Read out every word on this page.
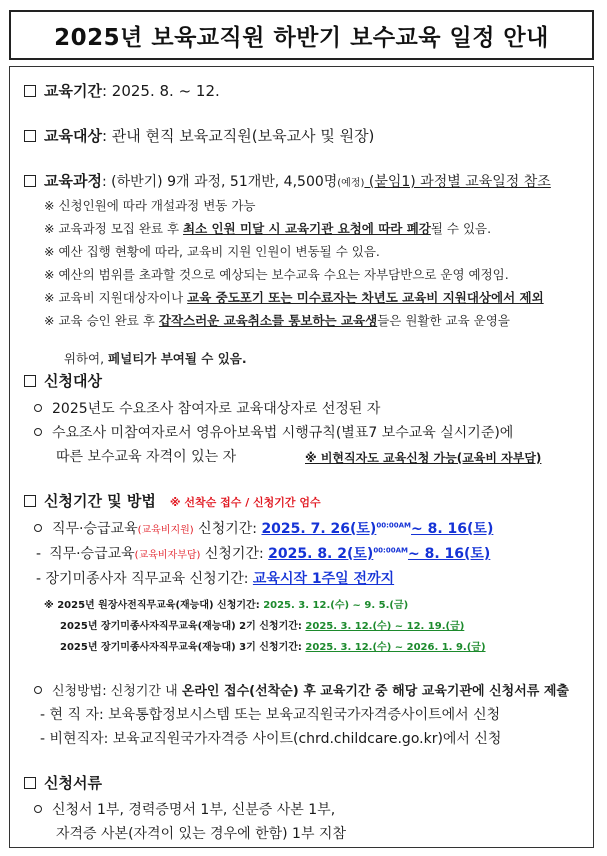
2025년 보육교직원 하반기 보수교육 일정 안내
교육기간: 2025. 8. ~ 12.
교육대상: 관내 현직 보육교직원(보육교사 및 원장)
교육과정: (하반기) 9개 과정, 51개반, 4,500명(예정) (붙임1) 과정별 교육일정 참조
※ 신청인원에 따라 개설과정 변동 가능
※ 교육과정 모집 완료 후 최소 인원 미달 시 교육기관 요청에 따라 폐강될 수 있음.
※ 예산 집행 현황에 따라, 교육비 지원 인원이 변동될 수 있음.
※ 예산의 범위를 초과할 것으로 예상되는 보수교육 수요는 자부담반으로 운영 예정임.
※ 교육비 지원대상자이나 교육 중도포기 또는 미수료자는 차년도 교육비 지원대상에서 제외
※ 교육 승인 완료 후 갑작스러운 교육취소를 통보하는 교육생들은 원활한 교육 운영을

위하여, 페널티가 부여될 수 있음.

신청대상
2025년도 수요조사 참여자로 교육대상자로 선정된 자
수요조사 미참여자로서 영유아보육법 시행규칙(별표7 보수교육 실시기준)에
따른 보수교육 자격이 있는 자	※ 비현직자도 교육신청 가능(교육비 자부담)
신청기간 및 방법 ※ 선착순 접수 / 신청기간 엄수
직무·승급교육(교육비지원) 신청기간: 2025. 7. 26(토)$^{00:00AM}$~ 8. 16(토)
- 직무·승급교육(교육비자부담) 신청기간: 2025. 8. 2(토)$^{00:00AM}$~ 8. 16(토)
- 장기미종사자 직무교육 신청기간: 교육시작 1주일 전까지
※ 2025년 원장사전직무교육(재능대) 신청기간: 2025. 3. 12.(수) ~ 9. 5.(금)
2025년 장기미종사자직무교육(재능대) 2기 신청기간: 2025. 3. 12.(수) ~ 12. 19.(금)
2025년 장기미종사자직무교육(재능대) 3기 신청기간: 2025. 3. 12.(수) ~ 2026. 1. 9.(금)
신청방법: 신청기간 내 온라인 접수(선착순) 후 교육기간 중 해당 교육기관에 신청서류 제출
- 현 직 자: 보육통합정보시스템 또는 보육교직원국가자격증사이트에서 신청
- 비현직자: 보육교직원국가자격증 사이트(chrd.childcare.go.kr)에서 신청
신청서류
신청서 1부, 경력증명서 1부, 신분증 사본 1부,
자격증 사본(자격이 있는 경우에 한함) 1부 지참
